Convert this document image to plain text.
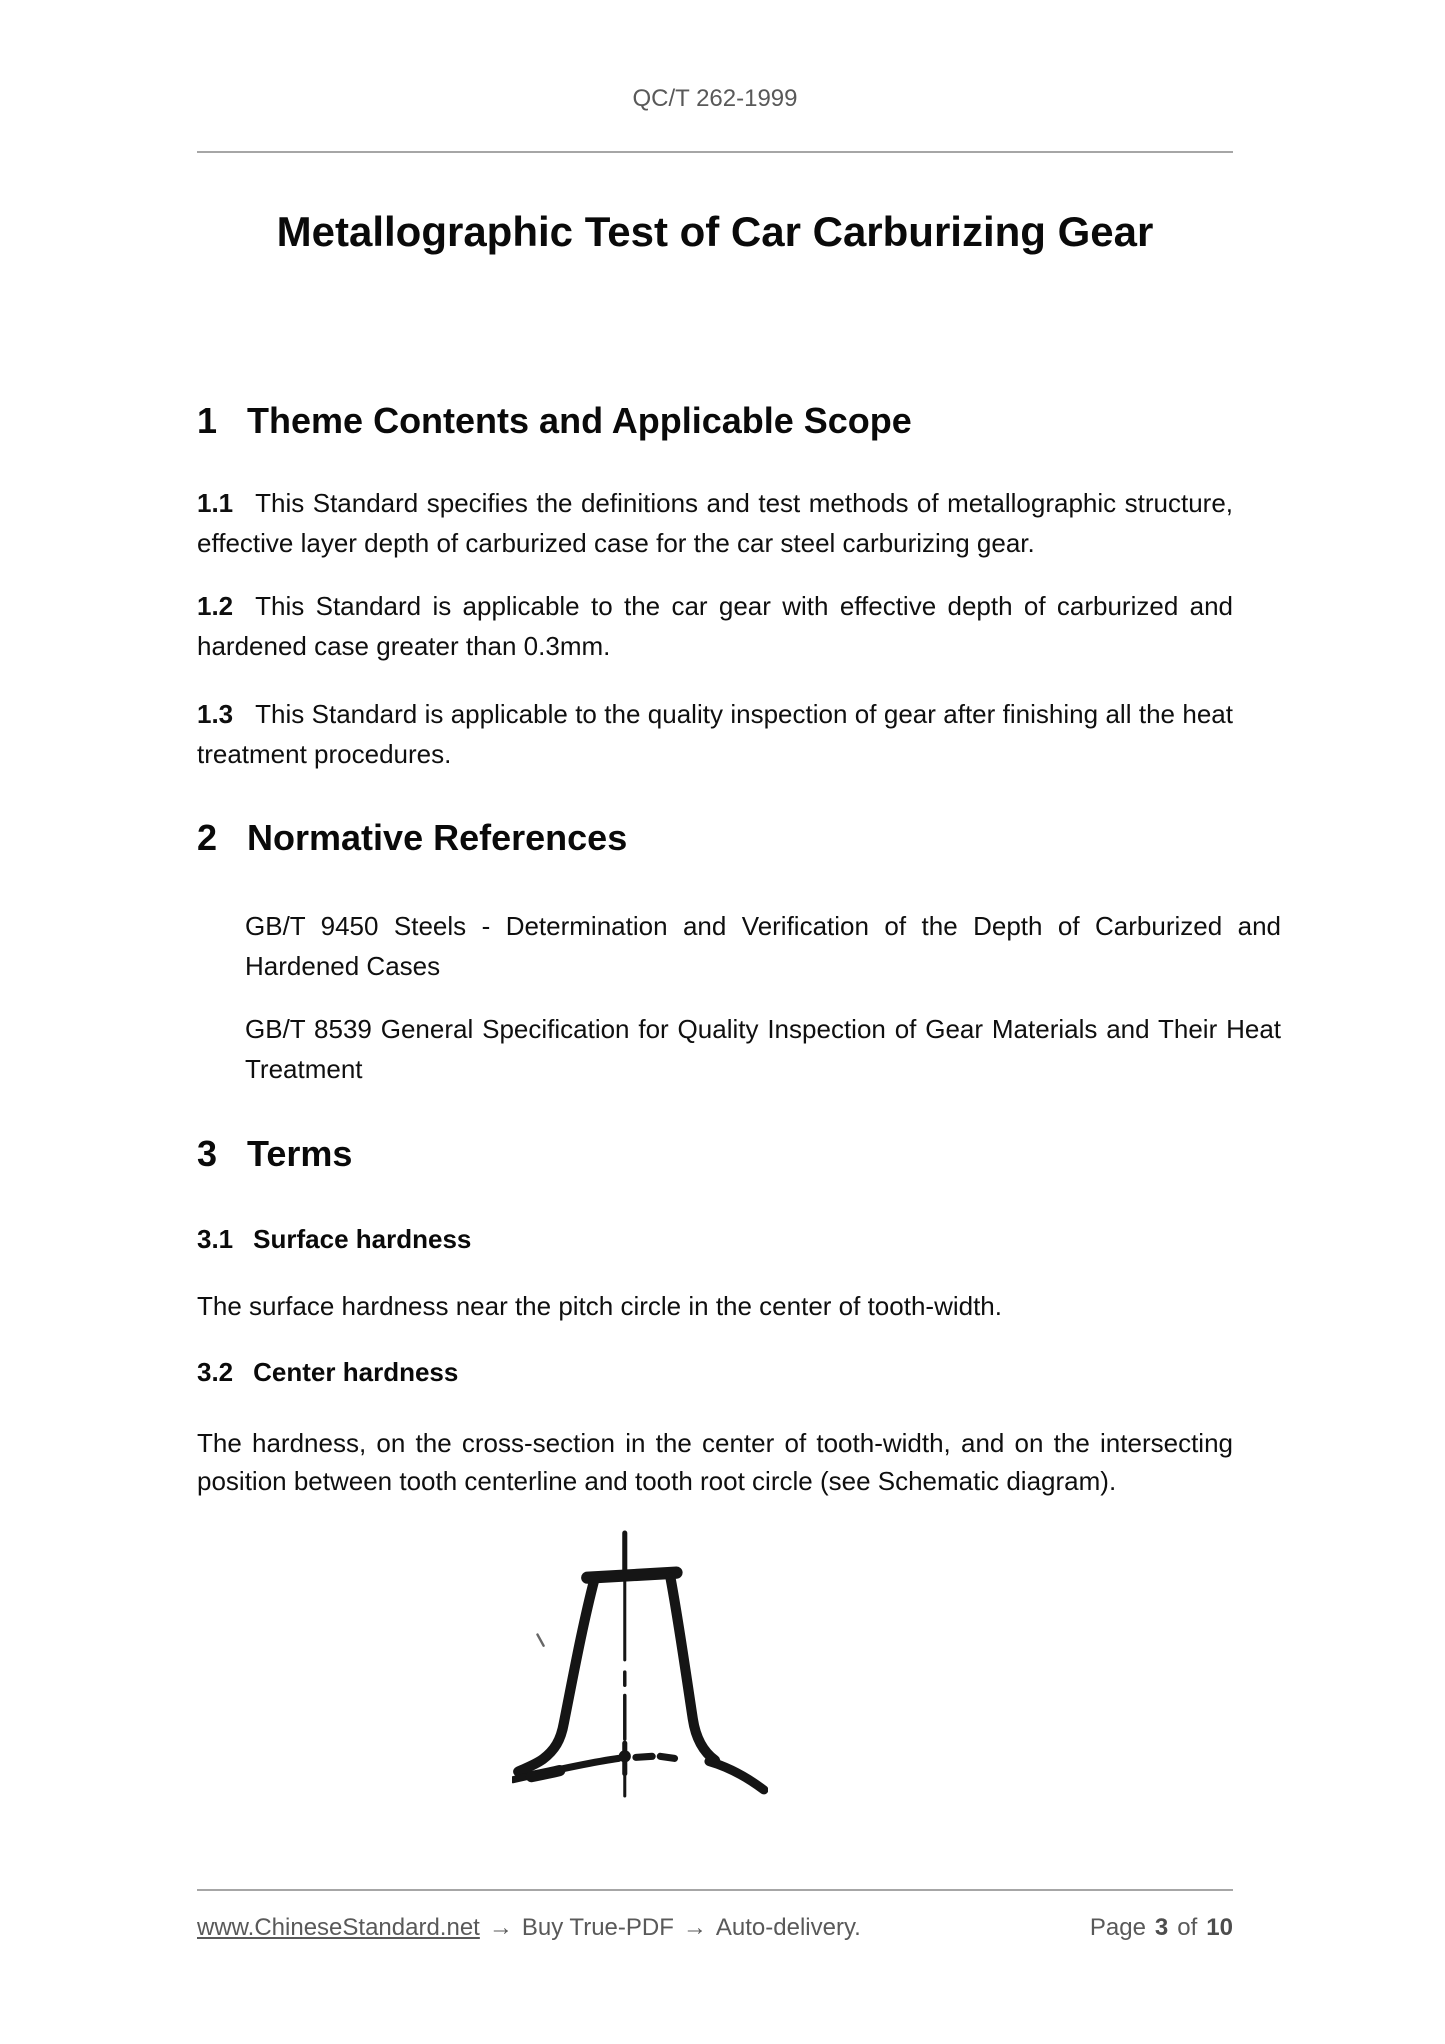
QC/T 262-1999
Metallographic Test of Car Carburizing Gear
1 Theme Contents and Applicable Scope

1.1 This Standard specifies the definitions and test methods of metallographic structure, effective layer depth of carburized case for the car steel carburizing gear.

1.2 This Standard is applicable to the car gear with effective depth of carburized and hardened case greater than 0.3mm.

1.3 This Standard is applicable to the quality inspection of gear after finishing all the heat treatment procedures.

2 Normative References

GB/T 9450 Steels - Determination and Verification of the Depth of Carburized and Hardened Cases

GB/T 8539 General Specification for Quality Inspection of Gear Materials and Their Heat Treatment

3 Terms
3.1 Surface hardness

The surface hardness near the pitch circle in the center of tooth-width.

3.2 Center hardness

The hardness, on the cross-section in the center of tooth-width, and on the intersecting position between tooth centerline and tooth root circle (see Schematic diagram).

www.ChineseStandard.net → Buy True-PDF → Auto-delivery.	Page 3 of 10
